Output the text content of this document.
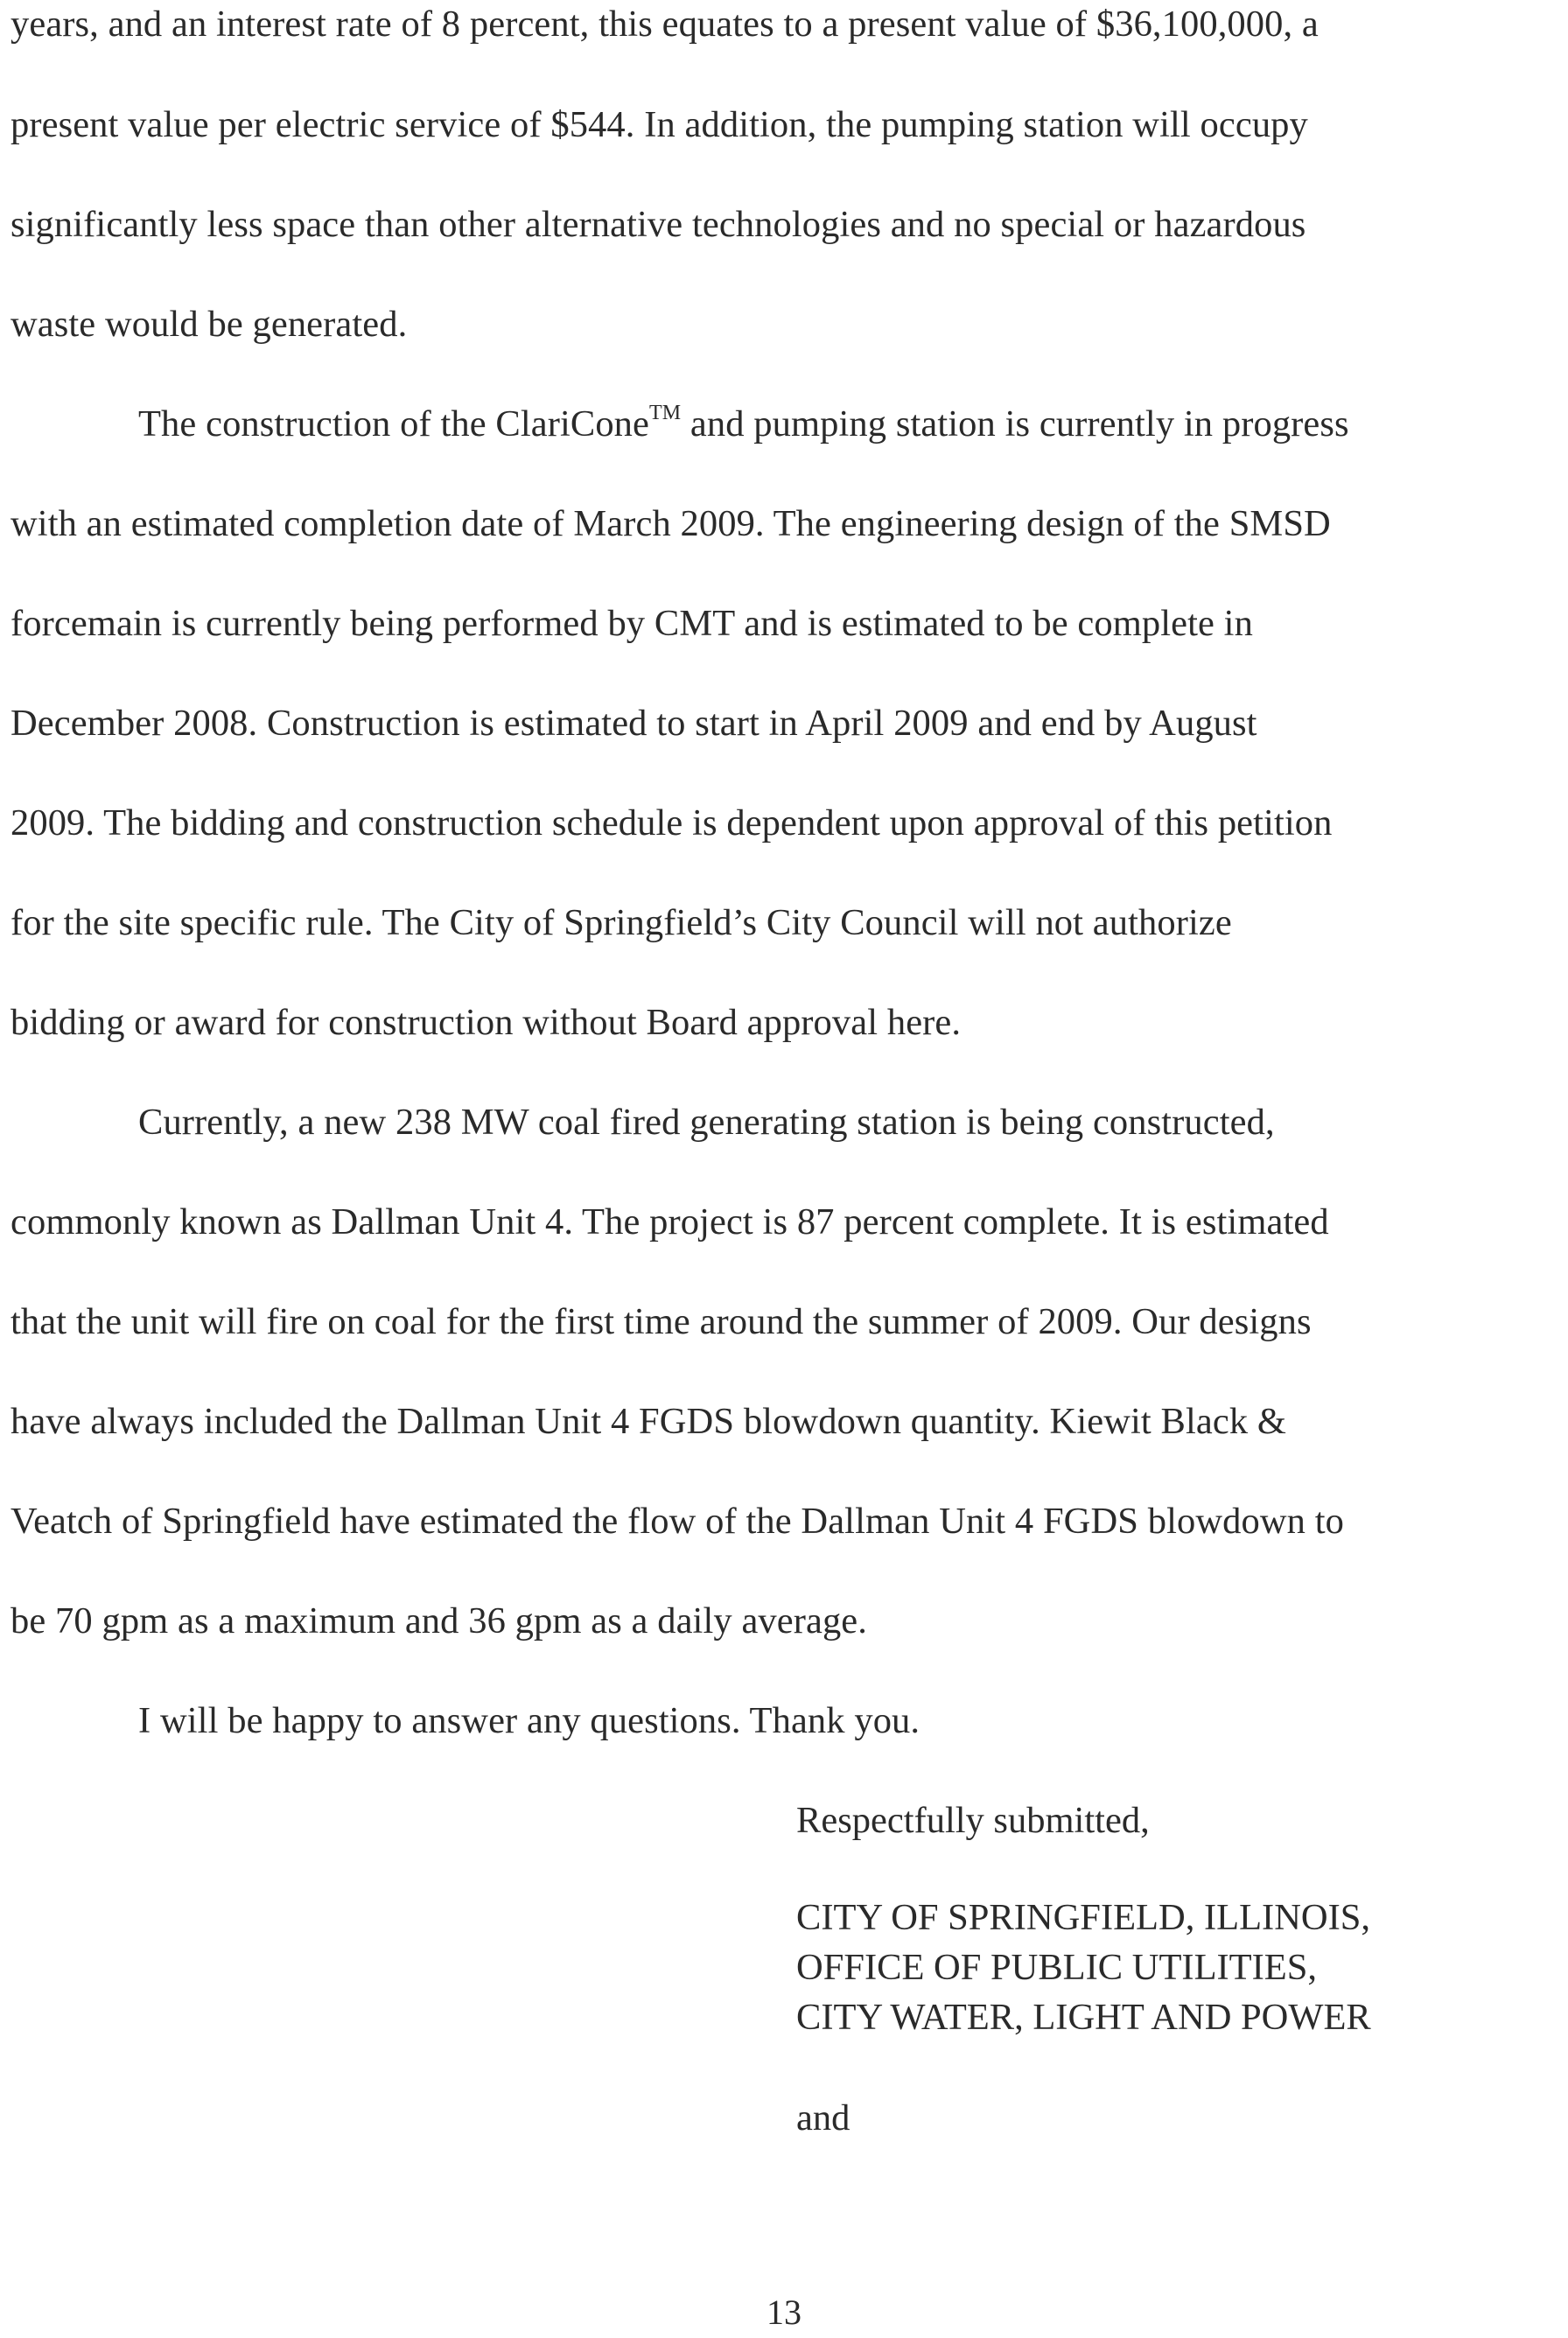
years, and an interest rate of 8 percent, this equates to a present value of $36,100,000, a
present value per electric service of $544. In addition, the pumping station will occupy
significantly less space than other alternative technologies and no special or hazardous
waste would be generated.
The construction of the ClariCone™ and pumping station is currently in progress
with an estimated completion date of March 2009. The engineering design of the SMSD
forcemain is currently being performed by CMT and is estimated to be complete in
December 2008. Construction is estimated to start in April 2009 and end by August
2009. The bidding and construction schedule is dependent upon approval of this petition
for the site specific rule. The City of Springfield’s City Council will not authorize
bidding or award for construction without Board approval here.
Currently, a new 238 MW coal fired generating station is being constructed,
commonly known as Dallman Unit 4. The project is 87 percent complete. It is estimated
that the unit will fire on coal for the first time around the summer of 2009. Our designs
have always included the Dallman Unit 4 FGDS blowdown quantity. Kiewit Black &
Veatch of Springfield have estimated the flow of the Dallman Unit 4 FGDS blowdown to
be 70 gpm as a maximum and 36 gpm as a daily average.
I will be happy to answer any questions. Thank you.
Respectfully submitted,
CITY OF SPRINGFIELD, ILLINOIS,
OFFICE OF PUBLIC UTILITIES,
CITY WATER, LIGHT AND POWER
and
13
